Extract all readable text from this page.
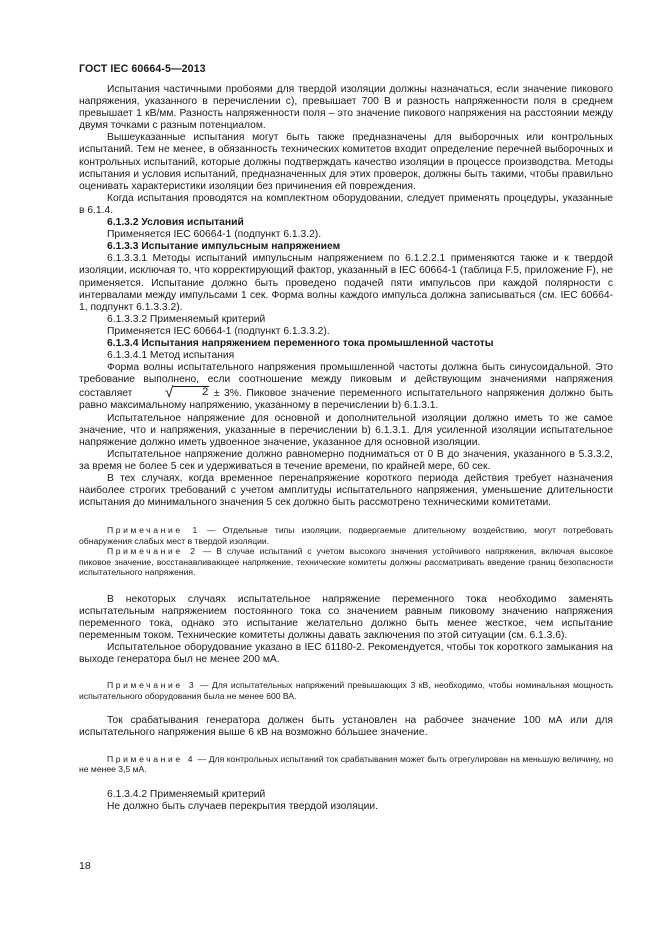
ГОСТ IEC 60664-5—2013

Испытания частичными пробоями для твердой изоляции должны назначаться, если значение пикового напряжения, указанного в перечислении с), превышает 700 В и разность напряженности поля в среднем превышает 1 кВ/мм. Разность напряженности поля – это значение пикового напряжения на расстоянии между двумя точками с разным потенциалом.

Вышеуказанные испытания могут быть также предназначены для выборочных или контрольных испытаний. Тем не менее, в обязанность технических комитетов входит определение перечней выборочных и контрольных испытаний, которые должны подтверждать качество изоляции в процессе производства. Методы испытания и условия испытаний, предназначенных для этих проверок, должны быть такими, чтобы правильно оценивать характеристики изоляции без причинения ей повреждения.

Когда испытания проводятся на комплектном оборудовании, следует применять процедуры, указанные в 6.1.4.

6.1.3.2 Условия испытаний

Применяется IEC 60664-1 (подпункт 6.1.3.2).

6.1.3.3 Испытание импульсным напряжением

6.1.3.3.1 Методы испытаний импульсным напряжением по 6.1.2.2.1 применяются также и к твердой изоляции, исключая то, что корректирующий фактор, указанный в IEC 60664-1 (таблица F.5, приложение F), не применяется. Испытание должно быть проведено подачей пяти импульсов при каждой полярности с интервалами между импульсами 1 сек. Форма волны каждого импульса должна записываться (см. IEC 60664-1, подпункт 6.1.3.3.2).

6.1.3.3.2 Применяемый критерий

Применяется IEC 60664-1 (подпункт 6.1.3.3.2).

6.1.3.4 Испытания напряжением переменного тока промышленной частоты

6.1.3.4.1 Метод испытания

Форма волны испытательного напряжения промышленной частоты должна быть синусоидальной. Это требование выполнено, если соотношение между пиковым и действующим значениями напряжения составляет √	2 ± 3%. Пиковое значение переменного испытательного напряжения должно быть равно максимальному напряжению, указанному в перечислении b) 6.1.3.1.

Испытательное напряжение для основной и дополнительной изоляции должно иметь то же самое значение, что и напряжения, указанные в перечислении b) 6.1.3.1. Для усиленной изоляции испытательное напряжение должно иметь удвоенное значение, указанное для основной изоляции.

Испытательное напряжение должно равномерно подниматься от 0 В до значения, указанного в 5.3.3.2, за время не более 5 сек и удерживаться в течение времени, по крайней мере, 60 сек.

В тех случаях, когда временное перенапряжение короткого периода действия требует назначения наиболее строгих требований с учетом амплитуды испытательного напряжения, уменьшение длительности испытания до минимального значения 5 сек должно быть рассмотрено техническими комитетами.

Примечание 1 — Отдельные типы изоляции, подвергаемые длительному воздействию, могут потребовать обнаружения слабых мест в твердой изоляции.

Примечание 2 — В случае испытаний с учетом высокого значения устойчивого напряжения, включая высокое пиковое значение, восстанавливающее напряжение, технические комитеты должны рассматривать введение границ безопасности испытательного напряжения.

В некоторых случаях испытательное напряжение переменного тока необходимо заменять испытательным напряжением постоянного тока со значением равным пиковому значению напряжения переменного тока, однако это испытание желательно должно быть менее жесткое, чем испытание переменным током. Технические комитеты должны давать заключения по этой ситуации (см. 6.1.3.6).

Испытательное оборудование указано в IEC 61180-2. Рекомендуется, чтобы ток короткого замыкания на выходе генератора был не менее 200 мА.

Примечание 3 — Для испытательных напряжений превышающих 3 кВ, необходимо, чтобы номинальная мощность испытательного оборудования была не менее 600 ВА.

Ток срабатывания генератора должен быть установлен на рабочее значение 100 мА или для испытательного напряжения выше 6 кВ на возможно бо́льшее значение.

Примечание 4 — Для контрольных испытаний ток срабатывания может быть отрегулирован на меньшую величину, но не менее 3,5 мА.

6.1.3.4.2 Применяемый критерий

Не должно быть случаев перекрытия твердой изоляции.

18
